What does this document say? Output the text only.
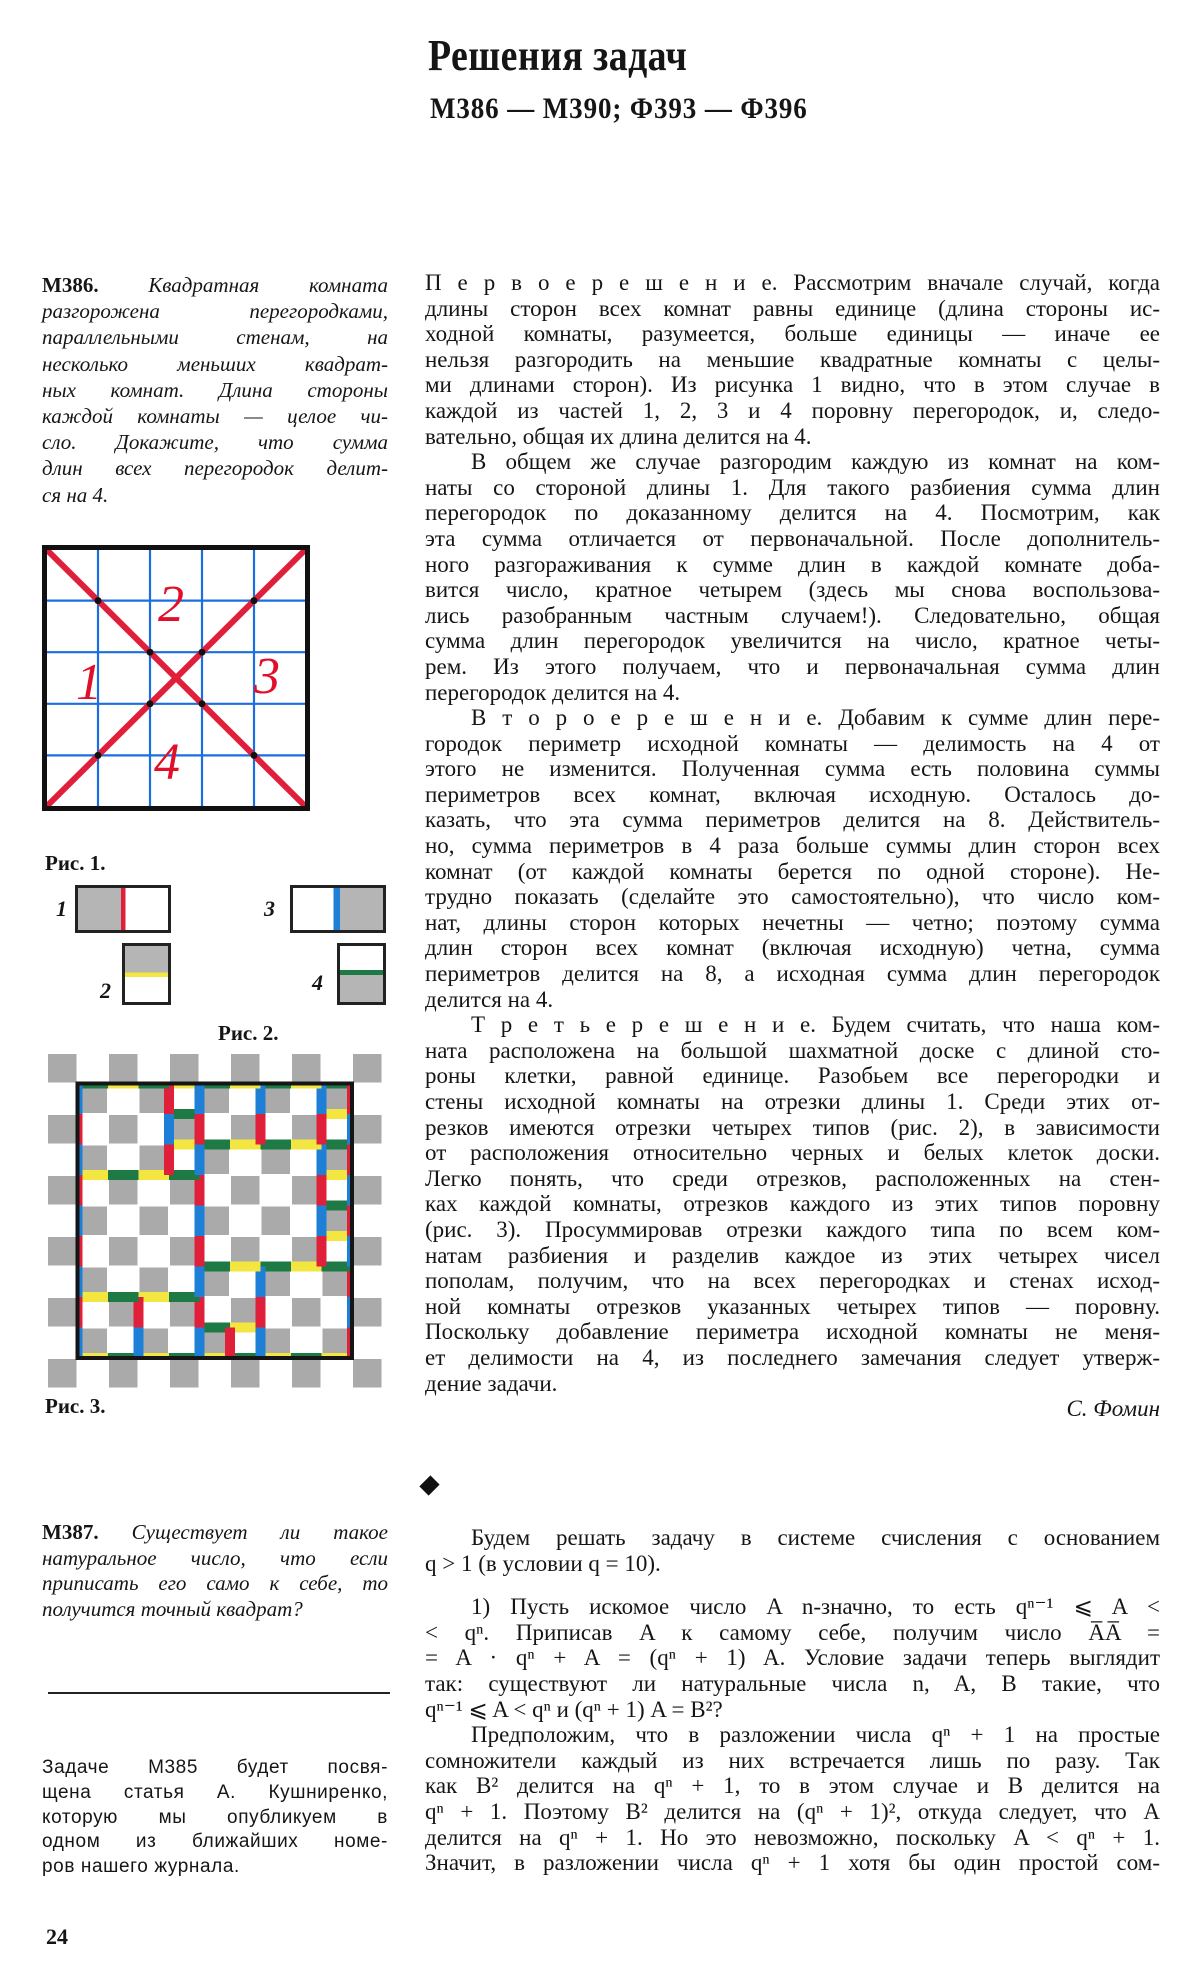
Решения задач
М386 — М390; Ф393 — Ф396
М386. Квадратная комната
разгорожена перегородками,
параллельными стенам, на
несколько меньших квадрат-
ных комнат. Длина стороны
каждой комнаты — целое чи-
сло. Докажите, что сумма
длин всех перегородок делит-
ся на 4.
1
2
3
4
Рис. 1.
1
2
3
4
Рис. 2.
Рис. 3.
П е р в о е р е ш е н и е. Рассмотрим вначале случай, когда
длины сторон всех комнат равны единице (длина стороны ис-
ходной комнаты, разумеется, больше единицы — иначе ее
нельзя разгородить на меньшие квадратные комнаты с целы-
ми длинами сторон). Из рисунка 1 видно, что в этом случае в
каждой из частей 1, 2, 3 и 4 поровну перегородок, и, следо-
вательно, общая их длина делится на 4.
В общем же случае разгородим каждую из комнат на ком-
наты со стороной длины 1. Для такого разбиения сумма длин
перегородок по доказанному делится на 4. Посмотрим, как
эта сумма отличается от первоначальной. После дополнитель-
ного разгораживания к сумме длин в каждой комнате доба-
вится число, кратное четырем (здесь мы снова воспользова-
лись разобранным частным случаем!). Следовательно, общая
сумма длин перегородок увеличится на число, кратное четы-
рем. Из этого получаем, что и первоначальная сумма длин
перегородок делится на 4.
В т о р о е р е ш е н и е. Добавим к сумме длин пере-
городок периметр исходной комнаты — делимость на 4 от
этого не изменится. Полученная сумма есть половина суммы
периметров всех комнат, включая исходную. Осталось до-
казать, что эта сумма периметров делится на 8. Действитель-
но, сумма периметров в 4 раза больше суммы длин сторон всех
комнат (от каждой комнаты берется по одной стороне). Не-
трудно показать (сделайте это самостоятельно), что число ком-
нат, длины сторон которых нечетны — четно; поэтому сумма
длин сторон всех комнат (включая исходную) четна, сумма
периметров делится на 8, а исходная сумма длин перегородок
делится на 4.
Т р е т ь е р е ш е н и е. Будем считать, что наша ком-
ната расположена на большой шахматной доске с длиной сто-
роны клетки, равной единице. Разобьем все перегородки и
стены исходной комнаты на отрезки длины 1. Среди этих от-
резков имеются отрезки четырех типов (рис. 2), в зависимости
от расположения относительно черных и белых клеток доски.
Легко понять, что среди отрезков, расположенных на стен-
ках каждой комнаты, отрезков каждого из этих типов поровну
(рис. 3). Просуммировав отрезки каждого типа по всем ком-
натам разбиения и разделив каждое из этих четырех чисел
пополам, получим, что на всех перегородках и стенах исход-
ной комнаты отрезков указанных четырех типов — поровну.
Поскольку добавление периметра исходной комнаты не меня-
ет делимости на 4, из последнего замечания следует утверж-
дение задачи.
С. Фомин
М387. Существует ли такое
натуральное число, что если
приписать его само к себе, то
получится точный квадрат?
Будем решать задачу в системе счисления с основанием
q > 1 (в условии q = 10).
1) Пусть искомое число A n-значно, то есть qⁿ⁻¹ ⩽ A <
< qⁿ. Приписав A к самому себе, получим число A̅A̅ =
= A · qⁿ + A = (qⁿ + 1) A. Условие задачи теперь выглядит
так: существуют ли натуральные числа n, A, B такие, что
qⁿ⁻¹ ⩽ A < qⁿ и (qⁿ + 1) A = B²?
Предположим, что в разложении числа qⁿ + 1 на простые
сомножители каждый из них встречается лишь по разу. Так
как B² делится на qⁿ + 1, то в этом случае и B делится на
qⁿ + 1. Поэтому B² делится на (qⁿ + 1)², откуда следует, что A
делится на qⁿ + 1. Но это невозможно, поскольку A < qⁿ + 1.
Значит, в разложении числа qⁿ + 1 хотя бы один простой сом-
Задаче М385 будет посвя-
щена статья А. Кушниренко,
которую мы опубликуем в
одном из ближайших номе-
ров нашего журнала.
24
